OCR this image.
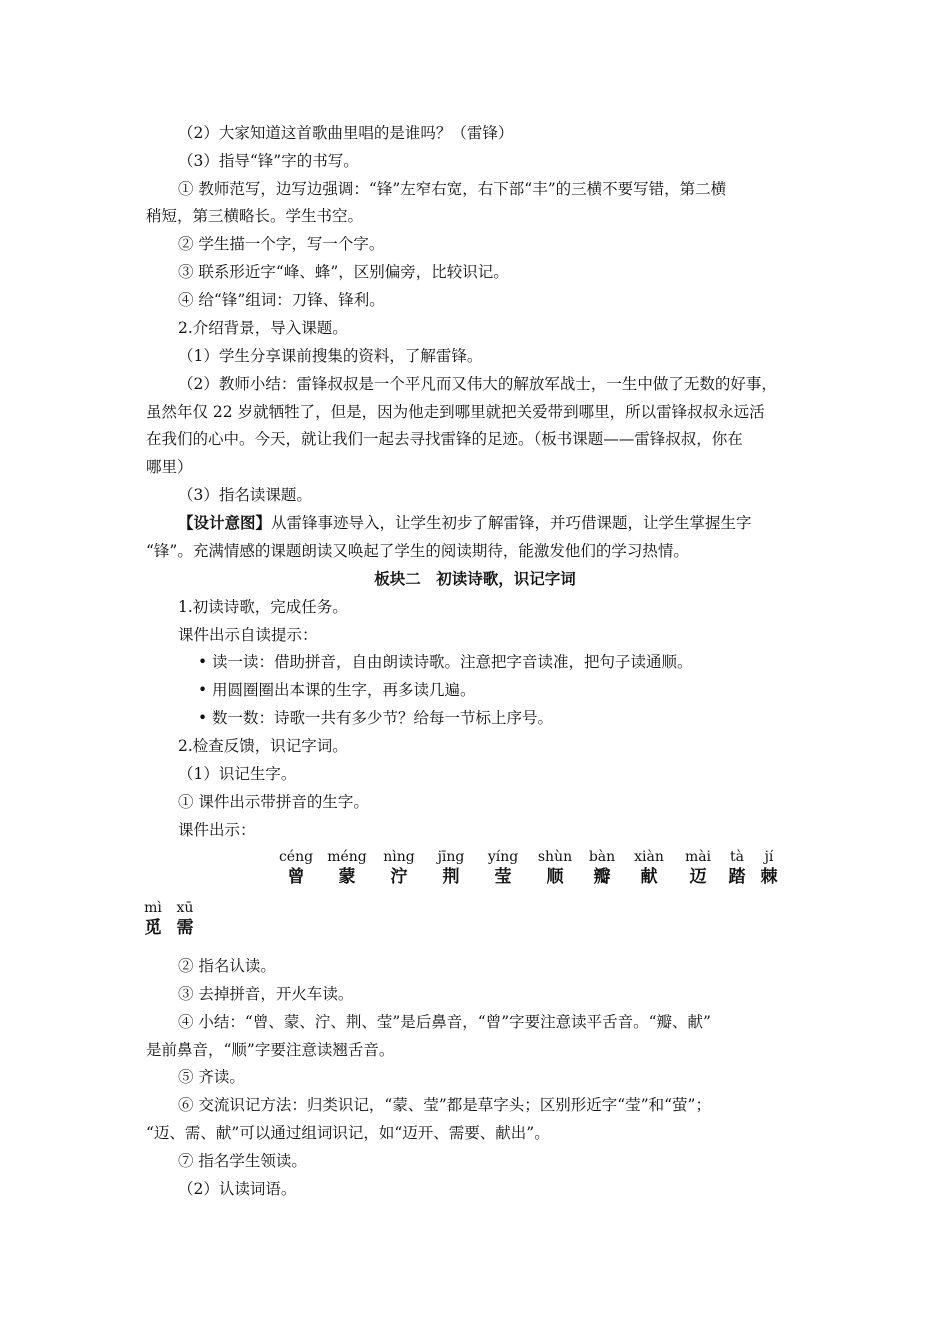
（2）大家知道这首歌曲里唱的是谁吗？（雷锋）
（3）指导“锋”字的书写。
① 教师范写，边写边强调：“锋”左窄右宽，右下部“丰”的三横不要写错，第二横
稍短，第三横略长。学生书空。
② 学生描一个字，写一个字。
③ 联系形近字“峰、蜂”，区别偏旁，比较识记。
④ 给“锋”组词：刀锋、锋利。
2.介绍背景，导入课题。
（1）学生分享课前搜集的资料，了解雷锋。
（2）教师小结：雷锋叔叔是一个平凡而又伟大的解放军战士，一生中做了无数的好事，
虽然年仅 22 岁就牺牲了，但是，因为他走到哪里就把关爱带到哪里，所以雷锋叔叔永远活
在我们的心中。今天，就让我们一起去寻找雷锋的足迹。（板书课题——雷锋叔叔，你在
哪里）
（3）指名读课题。
【设计意图】从雷锋事迹导入，让学生初步了解雷锋，并巧借课题，让学生掌握生字
“锋”。充满情感的课题朗读又唤起了学生的阅读期待，能激发他们的学习热情。
板块二　初读诗歌，识记字词
1.初读诗歌，完成任务。
课件出示自读提示：
• 读一读：借助拼音，自由朗读诗歌。注意把字音读准，把句子读通顺。
• 用圆圈圈出本课的生字，再多读几遍。
• 数一数：诗歌一共有多少节？给每一节标上序号。
2.检查反馈，识记字词。
（1）识记生字。
① 课件出示带拼音的生字。
课件出示：
céng
曾
méng
蒙
nìng
泞
jīng
荆
yíng
莹
shùn
顺
bàn
瓣
xiàn
献
mài
迈
tà
踏
jí
棘
mì
觅
xū
需
② 指名认读。
③ 去掉拼音，开火车读。
④ 小结：“曾、蒙、泞、荆、莹”是后鼻音，“曾”字要注意读平舌音。“瓣、献”
是前鼻音，“顺”字要注意读翘舌音。
⑤ 齐读。
⑥ 交流识记方法：归类识记，“蒙、莹”都是草字头；区别形近字“莹”和“萤”；
“迈、需、献”可以通过组词识记，如“迈开、需要、献出”。
⑦ 指名学生领读。
（2）认读词语。
